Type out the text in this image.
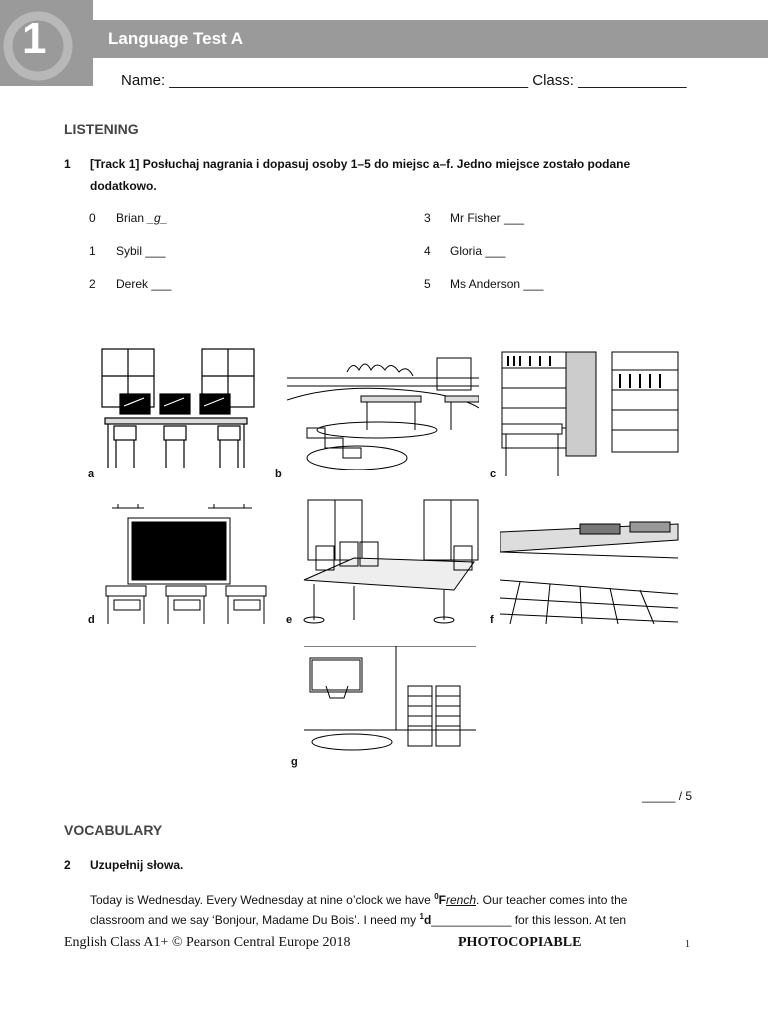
1	Language Test A
Name: ___________________________________________ Class: _____________
LISTENING
1 [Track 1] Posłuchaj nagrania i dopasuj osoby 1–5 do miejsc a–f. Jedno miejsce zostało podane
dodatkowo.
0 Brian _g_
1 Sybil ___
2 Derek ___
3 Mr Fisher ___
4 Gloria ___
5 Ms Anderson ___
a	b	c
d	e	f
g
_____ / 5
VOCABULARY
2 Uzupełnij słowa.
Today is Wednesday. Every Wednesday at nine o’clock we have $^0$French. Our teacher comes into the
classroom and we say ‘Bonjour, Madame Du Bois’. I need my $^1$d____________ for this lesson. At ten
English Class A1+ © Pearson Central Europe 2018	PHOTOCOPIABLE	1
